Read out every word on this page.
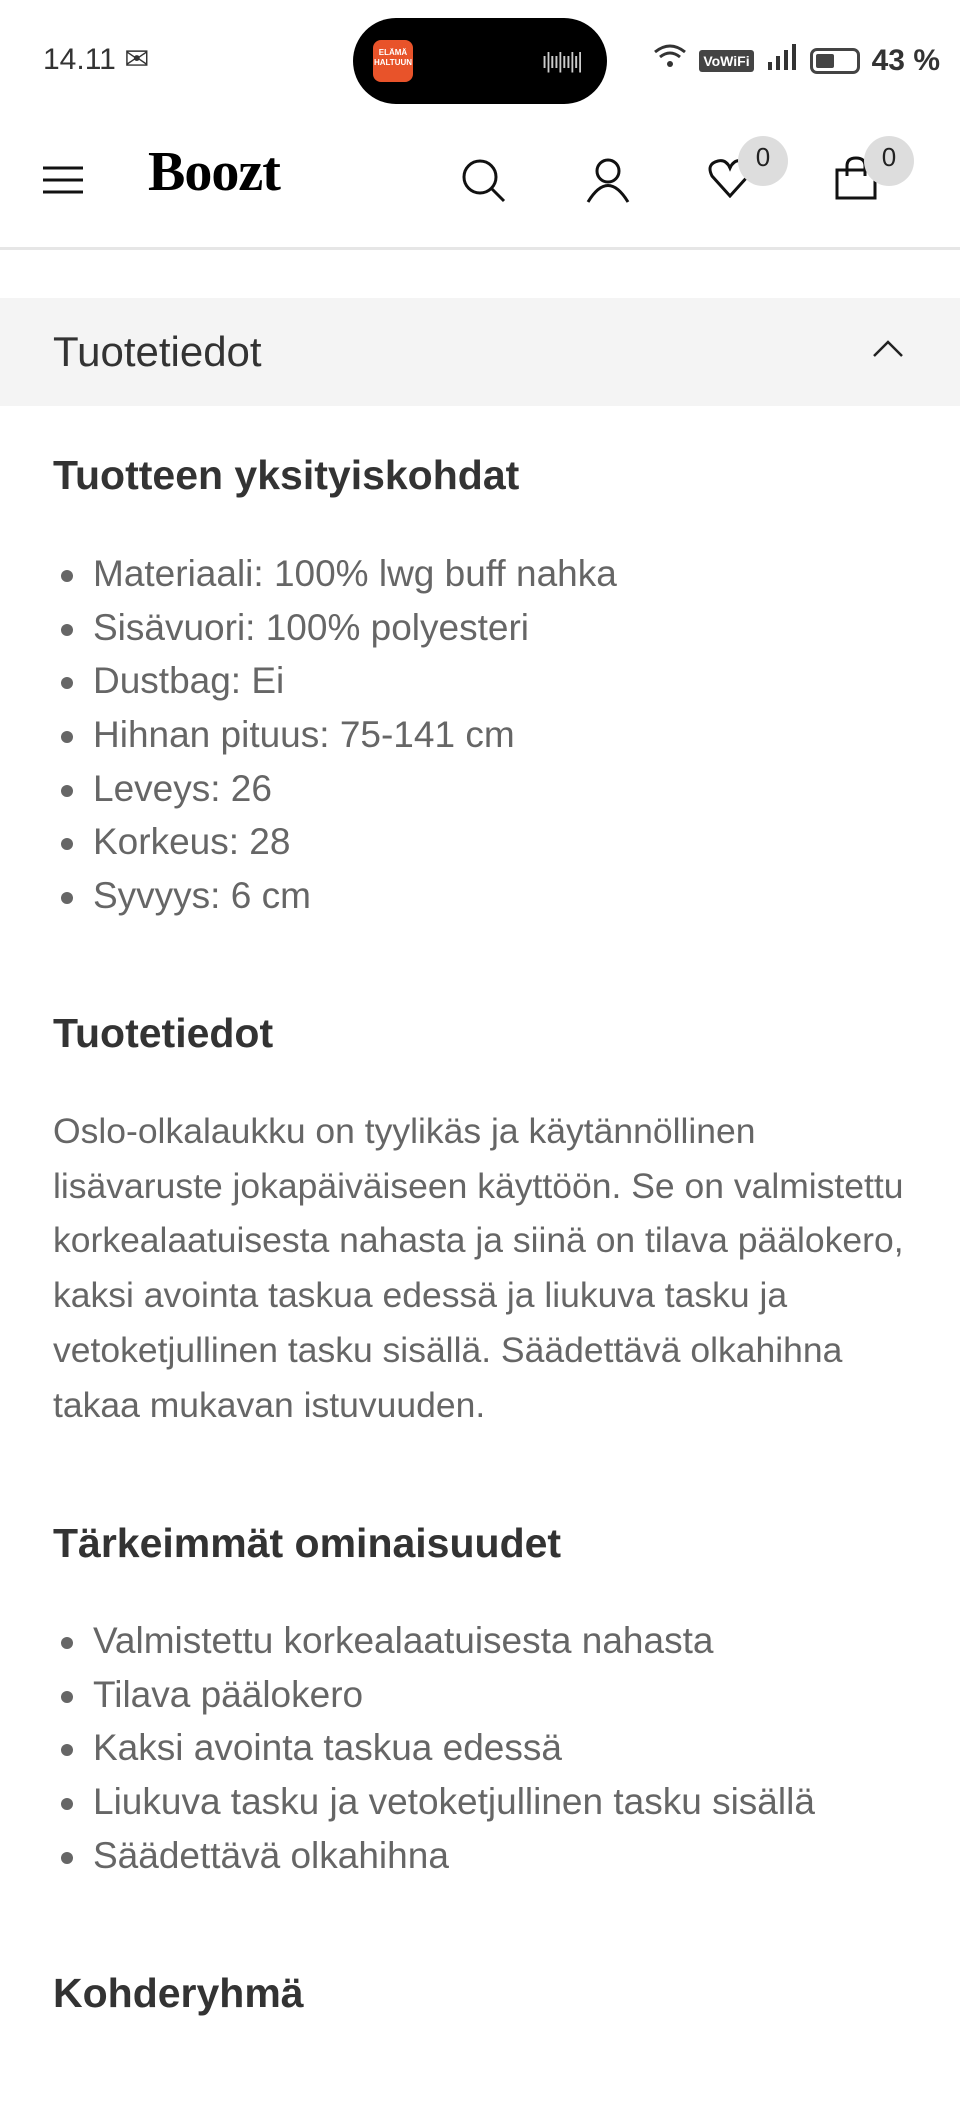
14.11 ✉	ELÄMÄ HALTUUN	ı|ıı|ıı|ı|	VoWiFi	43 %
Boozt	0	0
Tuotetiedot
Tuotteen yksityiskohdat
Materiaali: 100% lwg buff nahka
Sisävuori: 100% polyesteri
Dustbag: Ei
Hihnan pituus: 75-141 cm
Leveys: 26
Korkeus: 28
Syvyys: 6 cm
Tuotetiedot
Oslo-olkalaukku on tyylikäs ja käytännöllinen lisävaruste jokapäiväiseen käyttöön. Se on valmistettu korkealaatuisesta nahasta ja siinä on tilava päälokero, kaksi avointa taskua edessä ja liukuva tasku ja vetoketjullinen tasku sisällä. Säädettävä olkahihna takaa mukavan istuvuuden.
Tärkeimmät ominaisuudet
Valmistettu korkealaatuisesta nahasta
Tilava päälokero
Kaksi avointa taskua edessä
Liukuva tasku ja vetoketjullinen tasku sisällä
Säädettävä olkahihna
Kohderyhmä
